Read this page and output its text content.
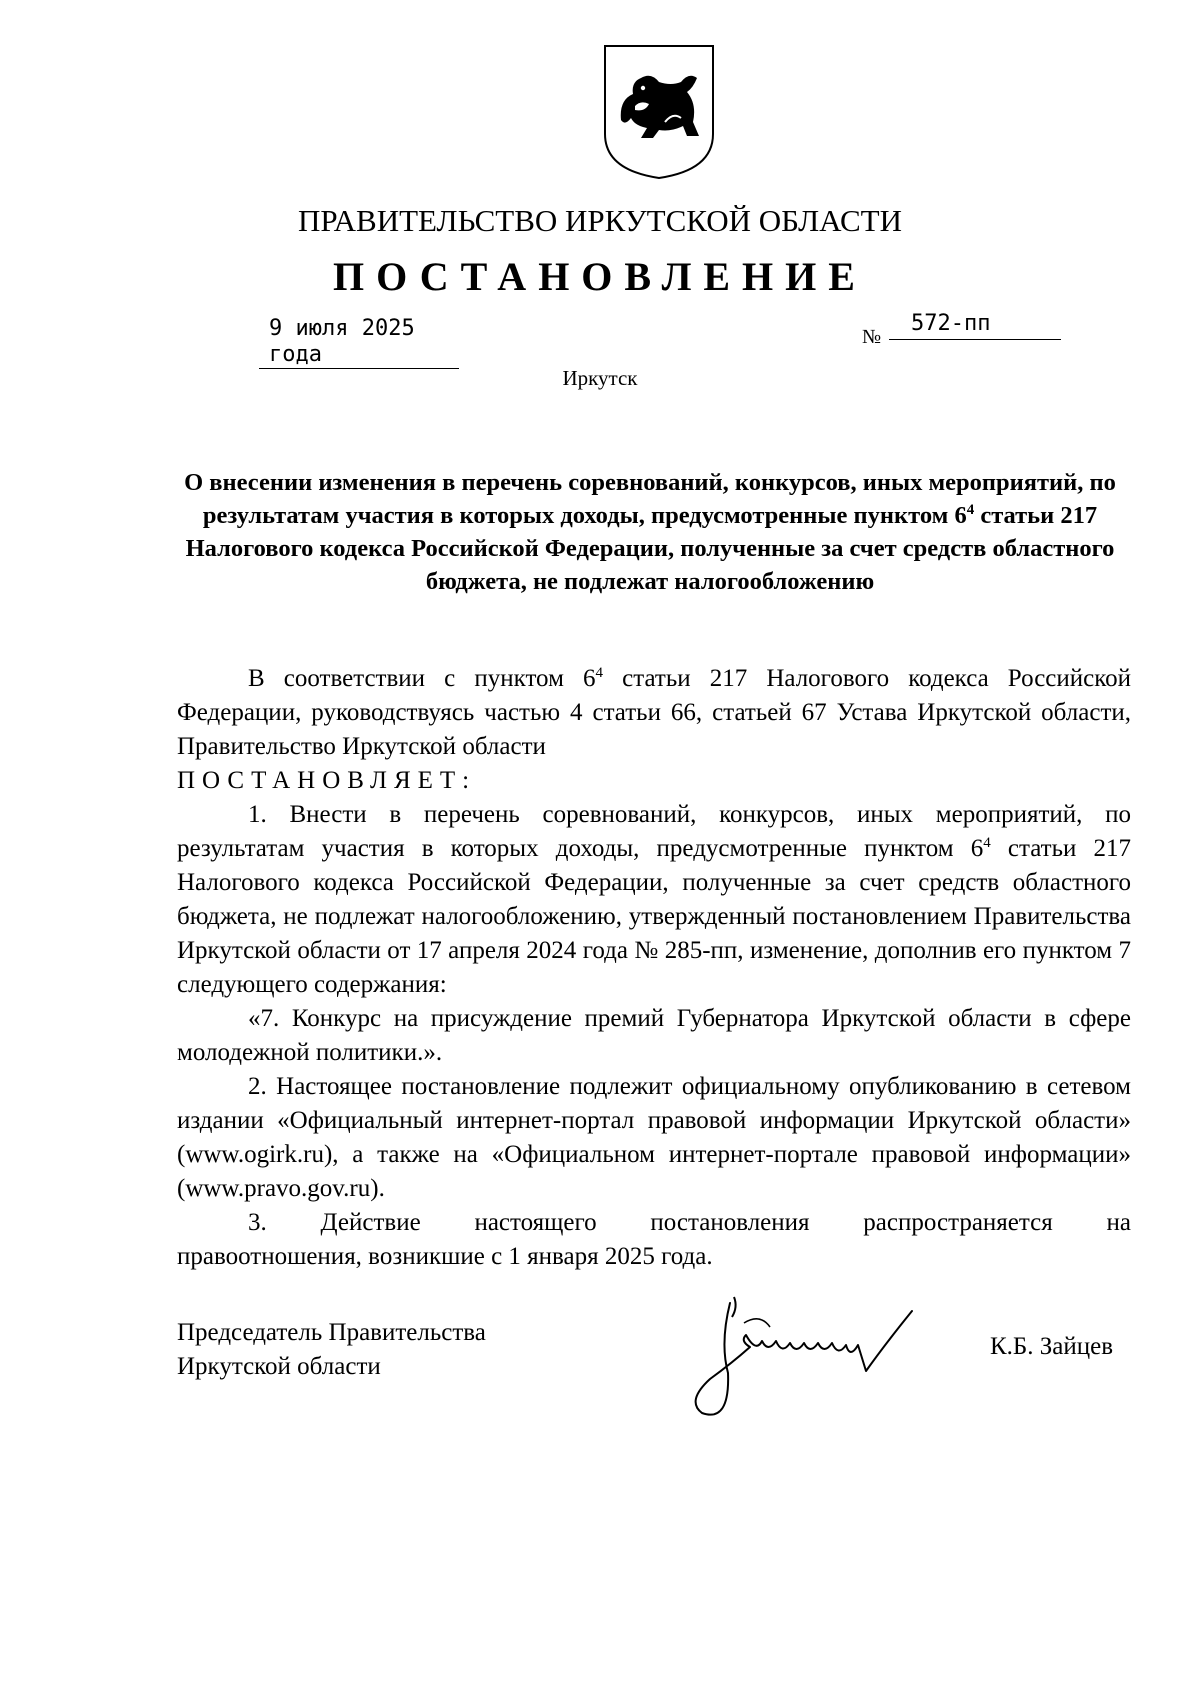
ПРАВИТЕЛЬСТВО ИРКУТСКОЙ ОБЛАСТИ
ПОСТАНОВЛЕНИЕ
9 июля 2025 года
№
572-пп
Иркутск
О внесении изменения в перечень соревнований, конкурсов, иных мероприятий, по результатам участия в которых доходы, предусмотренные пунктом $6^4$ статьи 217 Налогового кодекса Российской Федерации, полученные за счет средств областного бюджета, не подлежат налогообложению

В соответствии с пунктом $6^4$ статьи 217 Налогового кодекса Российской Федерации, руководствуясь частью 4 статьи 66, статьей 67 Устава Иркутской области, Правительство Иркутской области

ПОСТАНОВЛЯЕТ:

1. Внести в перечень соревнований, конкурсов, иных мероприятий, по результатам участия в которых доходы, предусмотренные пунктом $6^4$ статьи 217 Налогового кодекса Российской Федерации, полученные за счет средств областного бюджета, не подлежат налогообложению, утвержденный постановлением Правительства Иркутской области от 17 апреля 2024 года № 285-пп, изменение, дополнив его пунктом 7 следующего содержания:

«7. Конкурс на присуждение премий Губернатора Иркутской области в сфере молодежной политики.».

2. Настоящее постановление подлежит официальному опубликованию в сетевом издании «Официальный интернет-портал правовой информации Иркутской области» (www.ogirk.ru), а также на «Официальном интернет-портале правовой информации» (www.pravo.gov.ru).

3. Действие настоящего постановления распространяется на

правоотношения, возникшие с 1 января 2025 года.

Председатель Правительства
Иркутской области
К.Б. Зайцев
